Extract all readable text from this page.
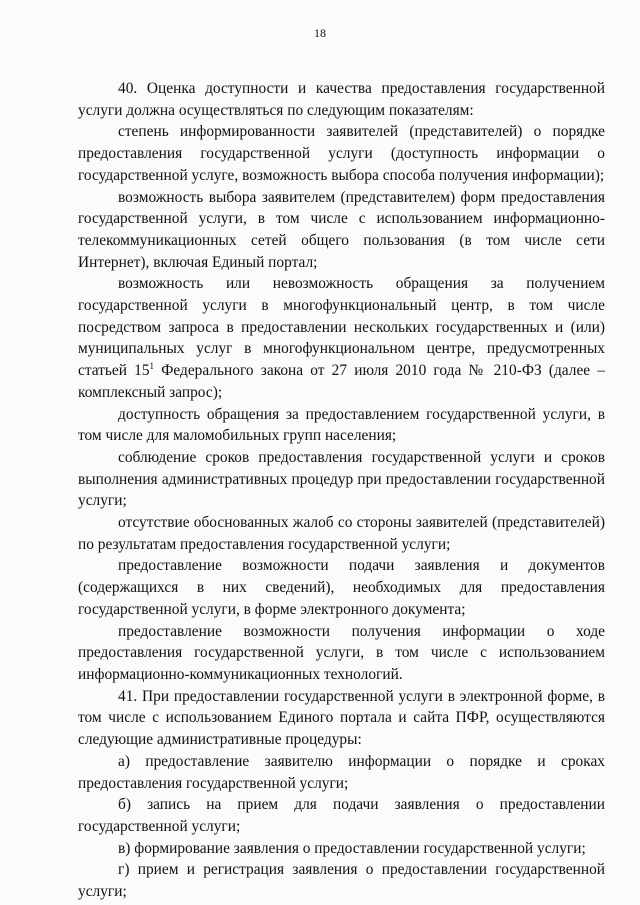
18

40. Оценка доступности и качества предоставления государственной услуги должна осуществляться по следующим показателям:

степень информированности заявителей (представителей) о порядке предоставления государственной услуги (доступность информации о государственной услуге, возможность выбора способа получения информации);

возможность выбора заявителем (представителем) форм предоставления государственной услуги, в том числе с использованием информационно-телекоммуникационных сетей общего пользования (в том числе сети Интернет), включая Единый портал;

возможность или невозможность обращения за получением государственной услуги в многофункциональный центр, в том числе посредством запроса в предоставлении нескольких государственных и (или) муниципальных услуг в многофункциональном центре, предусмотренных статьей $15^1$ Федерального закона от 27 июля 2010 года № 210-ФЗ (далее – комплексный запрос);

доступность обращения за предоставлением государственной услуги, в том числе для маломобильных групп населения;

соблюдение сроков предоставления государственной услуги и сроков выполнения административных процедур при предоставлении государственной услуги;

отсутствие обоснованных жалоб со стороны заявителей (представителей) по результатам предоставления государственной услуги;

предоставление возможности подачи заявления и документов (содержащихся в них сведений), необходимых для предоставления государственной услуги, в форме электронного документа;

предоставление возможности получения информации о ходе предоставления государственной услуги, в том числе с использованием информационно-коммуникационных технологий.

41. При предоставлении государственной услуги в электронной форме, в том числе с использованием Единого портала и сайта ПФР, осуществляются следующие административные процедуры:

а) предоставление заявителю информации о порядке и сроках предоставления государственной услуги;

б) запись на прием для подачи заявления о предоставлении государственной услуги;

в) формирование заявления о предоставлении государственной услуги;

г) прием и регистрация заявления о предоставлении государственной услуги;
